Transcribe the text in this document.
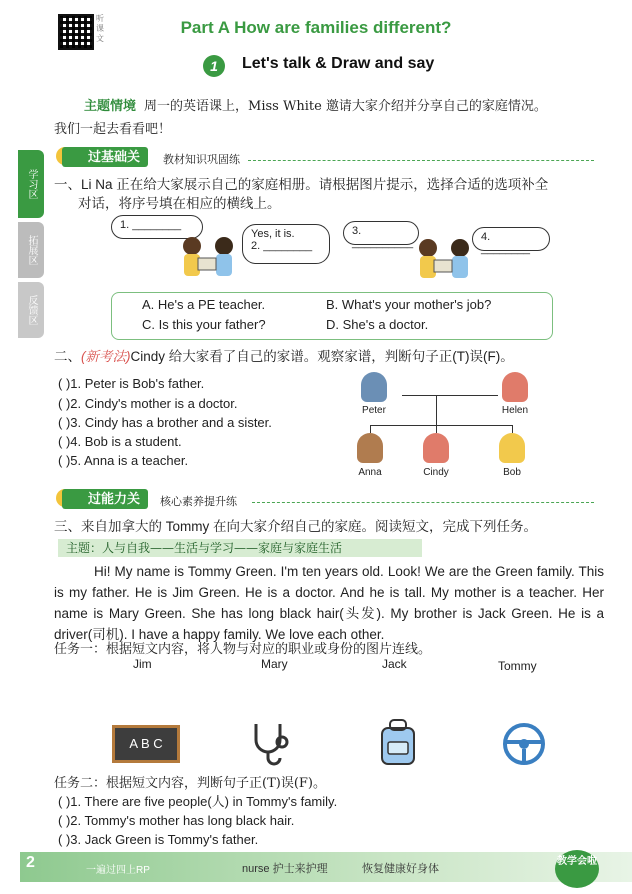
听课文
Part A How are families different?
1	Let's talk & Draw and say
主题情境 周一的英语课上，Miss White 邀请大家介绍并分享自己的家庭情况。
我们一起去看看吧！
学习区
拓展区
反馈区
过基础关	教材知识巩固练
一、Li Na 正在给大家展示自己的家庭相册。请根据图片提示，选择合适的选项补全
对话，将序号填在相应的横线上。
1. ________
Yes, it is.
2. ________
3. __________	4. ________
A. He's a PE teacher.	B. What's your mother's job?
C. Is this your father?	D. She's a doctor.
二、(新考法)Cindy 给大家看了自己的家谱。观察家谱，判断句子正(T)误(F)。
( )1. Peter is Bob's father.
( )2. Cindy's mother is a doctor.
( )3. Cindy has a brother and a sister.
( )4. Bob is a student.
( )5. Anna is a teacher.
Peter	Helen
Anna	Cindy	Bob
过能力关	核心素养提升练
三、来自加拿大的 Tommy 在向大家介绍自己的家庭。阅读短文，完成下列任务。
主题：人与自我——生活与学习——家庭与家庭生活
Hi! My name is Tommy Green. I'm ten years old. Look! We are the Green family. This is my father. He is Jim Green. He is a doctor. And he is tall. My mother is a teacher. Her name is Mary Green. She has long black hair(头发). My brother is Jack Green. He is a driver(司机). I have a happy family. We love each other.
任务一：根据短文内容，将人物与对应的职业或身份的图片连线。
Jim	Mary	Jack	Tommy
A B C
任务二：根据短文内容，判断句子正(T)误(F)。
( )1. There are five people(人) in Tommy's family.
( )2. Tommy's mother has long black hair.
( )3. Jack Green is Tommy's father.
2	一遍过四上RP	nurse 护士来护理	恢复健康好身体
教学会啦
